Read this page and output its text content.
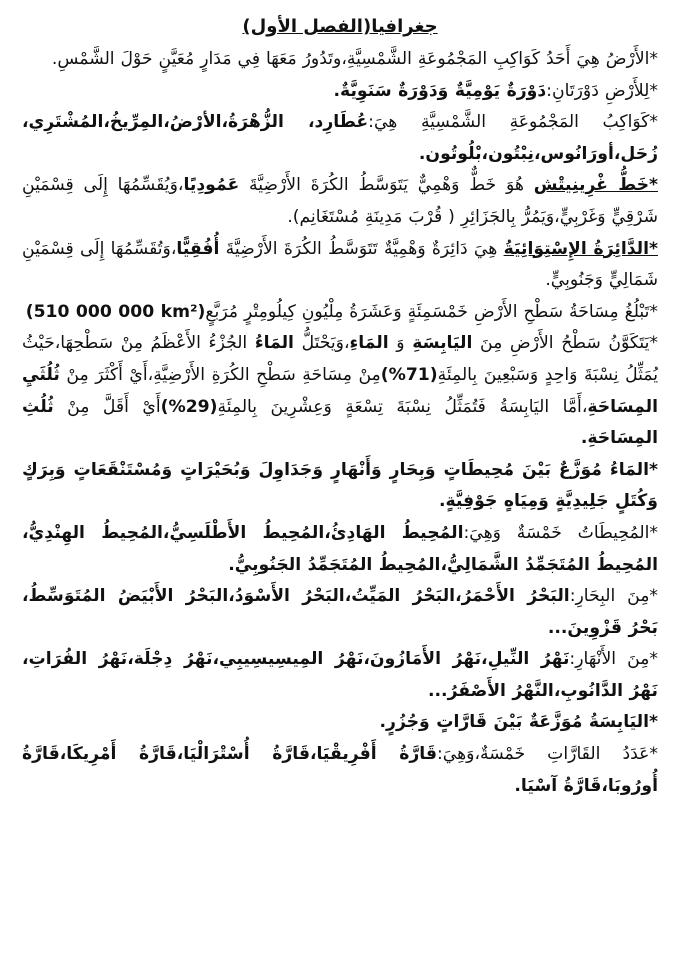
جغرافيا(الفصل الأول)

*الأَرْضُ هِيَ أَحَدُ كَوَاكِبِ المَجْمُوعَةِ الشَّمْسِيَّةِ،وتَدُورُ مَعَهَا فِي مَدَارٍ مُعَيَّنٍ حَوْلَ الشَّمْسِ.

*لِلأَرْضِ دَوْرَتَانِ:دَوْرَةٌ يَوْمِيَّةٌ وَدَوْرَةٌ سَنَوِيَّةٌ.

*كَوَاكِبُ المَجْمُوعَةِ الشَّمْسِيَّةِ هِيَ:عُطَارِد، الزُّهْرَةُ،الأرْضُ،المِرِّيخُ،المُشْتَرِي، زُحَل،أورَانُوس،نِبْتُون،بْلُوتُون.

*خَطُّ غْرِينِيتْش هُوَ خَطٌّ وَهْمِيٌّ يَتَوَسَّطُ الكُرَةَ الأَرْضِيَّةَ عَمُودِيًا،وَيُقَسِّمُهَا إِلَى قِسْمَيْنِ شَرْقِيٍّ وَغَرْبِيٍّ،وَيَمُرُّ بِالجَزَائِرِ ( قُرْبَ مَدِينَةِ مُسْتَغَانِم).

*الدَّائِرَةُ الإِسْتِوَائِيَةُ هِيَ دَائِرَةٌ وَهْمِيَّةٌ تَتَوَسَّطُ الكُرَةَ الأَرْضِيَّةَ أُفُقِيًّا،وَتُقَسِّمُهَا إِلَى قِسْمَيْنِ شَمَالِيٍّ وَجَنُوبِيٍّ.

*تَبْلُغُ مِسَاحَةُ سَطْحِ الأَرْضِ خَمْسَمِئَةٍ وَعَشَرَةُ مِلْيُونِ كِيلُومِتْرٍ مُرَبَّعٍ(510 000 000 km²)

*يَتَكَوَّنُ سَطْحُ الأَرْضِ مِنَ اليَابِسَةِ وَ المَاءِ،وَيَحْتَلُّ المَاءُ الجُزْءُ الأَعْظَمُ مِنْ سَطْحِهَا،حَيْثُ يُمَثِّلُ نِسْبَةَ وَاحِدٍ وَسَبْعِينَ بِالمِئَةِ(71%)مِنْ مِسَاحَةِ سَطْحِ الكُرَةِ الأَرْضِيَّةِ،أَيْ أَكْثَرَ مِنْ ثُلُثَيِ المِسَاحَةِ،أَمَّا اليَابِسَةُ فَتُمَثِّلُ نِسْبَةَ تِسْعَةٍ وَعِشْرِينَ بِالمِئَةِ(29%)أَيْ أَقَلَّ مِنْ ثُلُثِ المِسَاحَةِ.

*المَاءُ مُوَزَّعٌ بَيْنَ مُحِيطَاتٍ وَبِحَارٍ وَأَنْهَارٍ وَجَدَاوِلَ وَبُحَيْرَاتٍ وَمُسْتَنْقَعَاتٍ وَبِرَكٍ وَكُتَلٍ جَلِيدِيَّةٍ وَمِيَاهٍ جَوْفِيَّةٍ.

*المُحِيطَاتُ خَمْسَةٌ وَهِيَ:المُحِيطُ الهَادِئُ،المُحِيطُ الأَطْلَسِيُّ،المُحِيطُ الهِنْدِيُّ، المُحِيطُ المُتَجَمِّدُ الشَّمَالِيُّ،المُحِيطُ المُتَجَمِّدُ الجَنُوبِيُّ.

*مِنَ البِحَارِ:البَحْرُ الأَحْمَرُ،البَحْرُ المَيِّتُ،البَحْرُ الأَسْوَدُ،البَحْرُ الأَبْيَضُ المُتَوَسِّطُ، بَحْرُ قَزْوِينَ...

*مِنَ الأَنْهَارِ:نَهْرُ النِّيلِ،نَهْرُ الأَمَازُونَ،نَهْرُ المِيسِيسِيبِي،نَهْرُ دِجْلَة،نَهْرُ الفُرَاتِ، نَهْرُ الدَّانُوبِ،النَّهْرُ الأَصْفَرُ...

*اليَابِسَةُ مُوَزَّعَةٌ بَيْنَ قَارَّاتٍ وَجُزُرٍ.

*عَدَدُ القَارَّاتِ خَمْسَةٌ،وَهِيَ:قَارَّةُ أَفْرِيقْيَا،قَارَّةُ أُسْتْرَالْيَا،قَارَّةُ أَمْرِيكَا،قَارَّةُ أُورُوبَا،قَارَّةُ آسْيَا.
